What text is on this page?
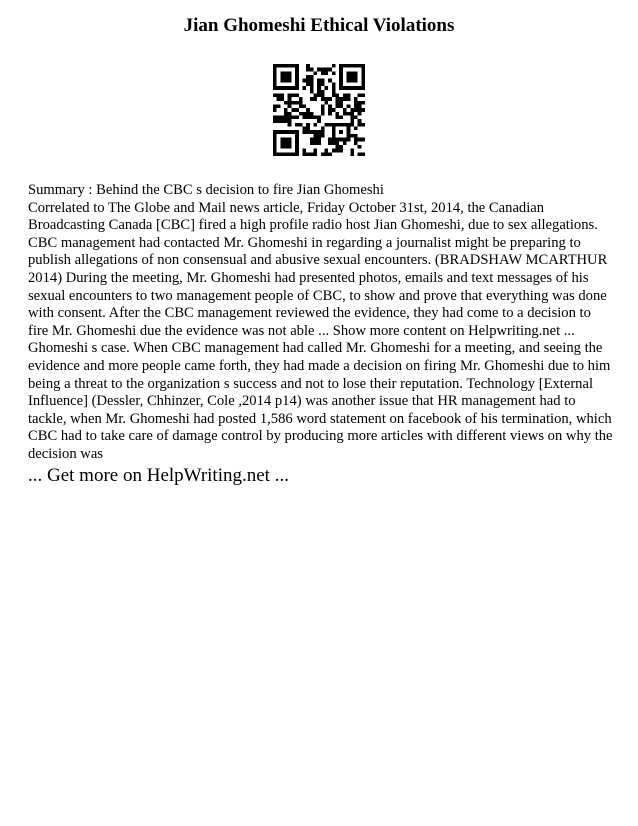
Jian Ghomeshi Ethical Violations

Summary : Behind the CBC s decision to fire Jian Ghomeshi

Correlated to The Globe and Mail news article, Friday October 31st, 2014, the Canadian Broadcasting Canada [CBC] fired a high profile radio host Jian Ghomeshi, due to sex allegations. CBC management had contacted Mr. Ghomeshi in regarding a journalist might be preparing to publish allegations of non consensual and abusive sexual encounters. (BRADSHAW MCARTHUR 2014) During the meeting, Mr. Ghomeshi had presented photos, emails and text messages of his sexual encounters to two management people of CBC, to show and prove that everything was done with consent. After the CBC management reviewed the evidence, they had come to a decision to fire Mr. Ghomeshi due the evidence was not able ... Show more content on Helpwriting.net ...

Ghomeshi s case. When CBC management had called Mr. Ghomeshi for a meeting, and seeing the evidence and more people came forth, they had made a decision on firing Mr. Ghomeshi due to him being a threat to the organization s success and not to lose their reputation. Technology [External Influence] (Dessler, Chhinzer, Cole ,2014 p14) was another issue that HR management had to tackle, when Mr. Ghomeshi had posted 1,586 word statement on facebook of his termination, which CBC had to take care of damage control by producing more articles with different views on why the decision was

... Get more on HelpWriting.net ...
